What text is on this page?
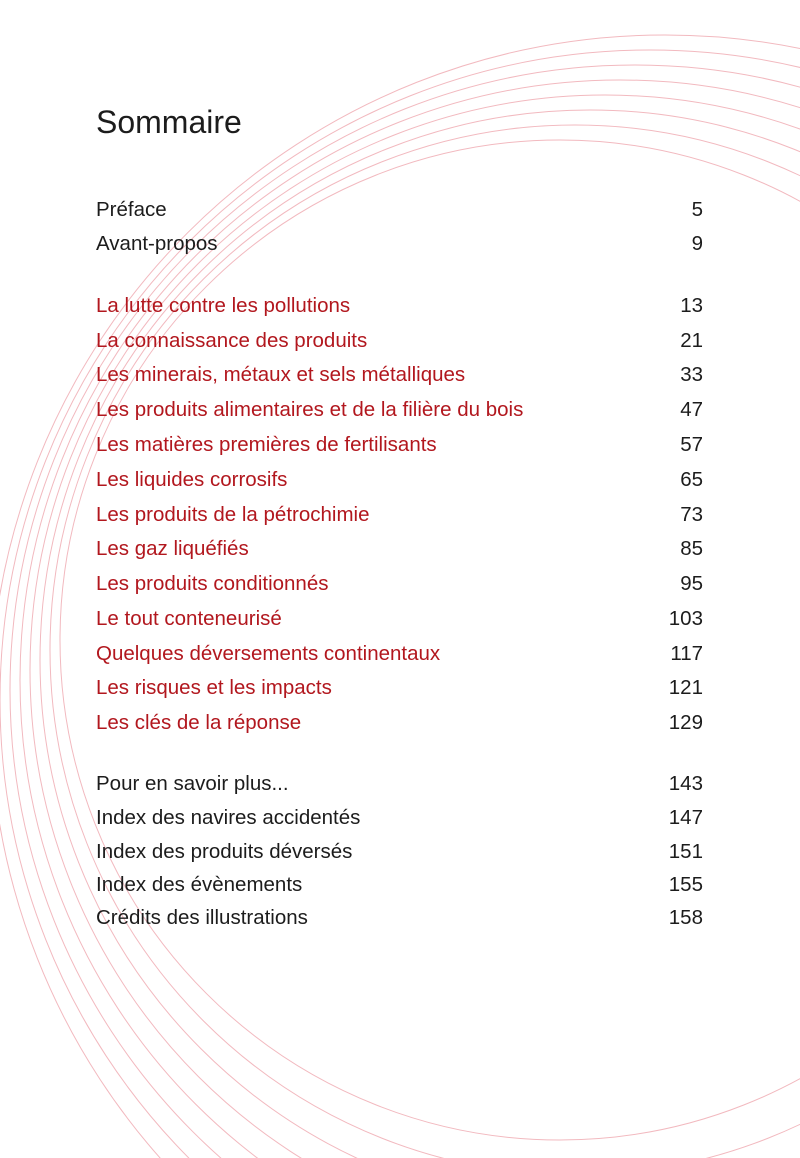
Sommaire
Préface	5
Avant-propos	9
La lutte contre les pollutions	13
La connaissance des produits	21
Les minerais, métaux et sels métalliques	33
Les produits alimentaires et de la filière du bois	47
Les matières premières de fertilisants	57
Les liquides corrosifs	65
Les produits de la pétrochimie	73
Les gaz liquéfiés	85
Les produits conditionnés	95
Le tout conteneurisé	103
Quelques déversements continentaux	117
Les risques et les impacts	121
Les clés de la réponse	129
Pour en savoir plus...	143
Index des navires accidentés	147
Index des produits déversés	151
Index des évènements	155
Crédits des illustrations	158
